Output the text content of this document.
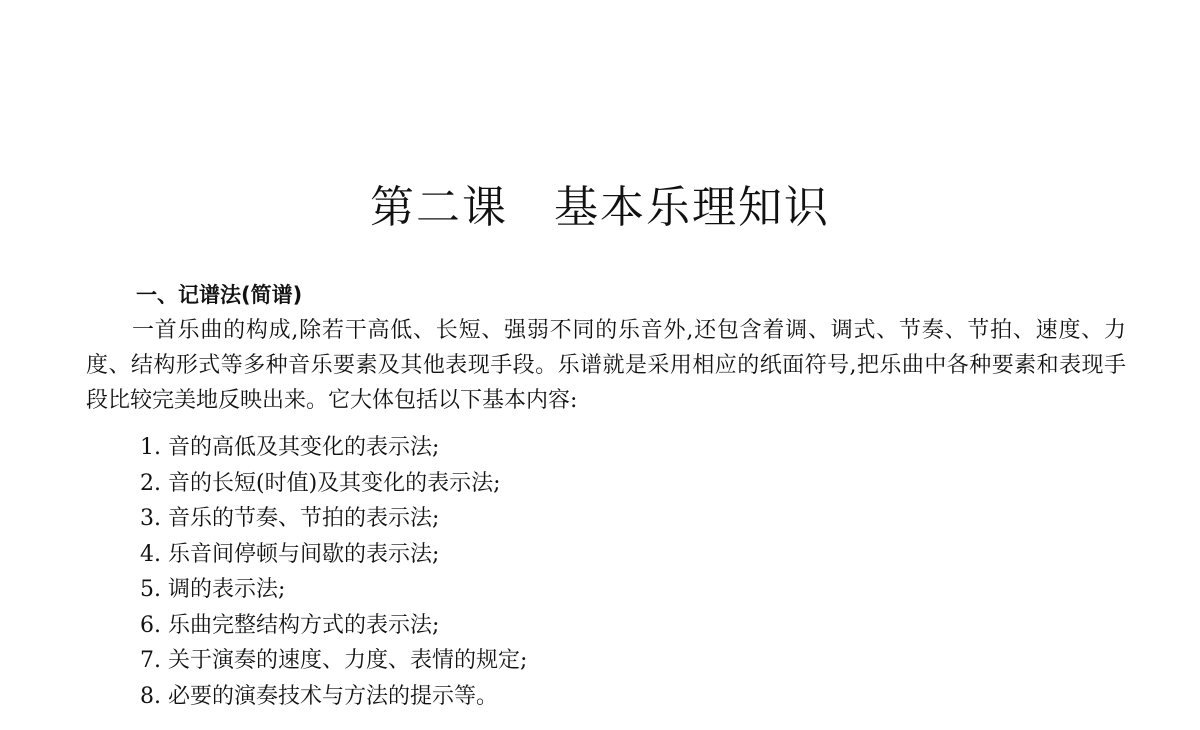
第二课 基本乐理知识
一、记谱法(简谱)

一首乐曲的构成,除若干高低、长短、强弱不同的乐音外,还包含着调、调式、节奏、节拍、速度、力度、结构形式等多种音乐要素及其他表现手段。乐谱就是采用相应的纸面符号,把乐曲中各种要素和表现手段比较完美地反映出来。它大体包括以下基本内容:

1. 音的高低及其变化的表示法;
2. 音的长短(时值)及其变化的表示法;
3. 音乐的节奏、节拍的表示法;
4. 乐音间停顿与间歇的表示法;
5. 调的表示法;
6. 乐曲完整结构方式的表示法;
7. 关于演奏的速度、力度、表情的规定;
8. 必要的演奏技术与方法的提示等。
